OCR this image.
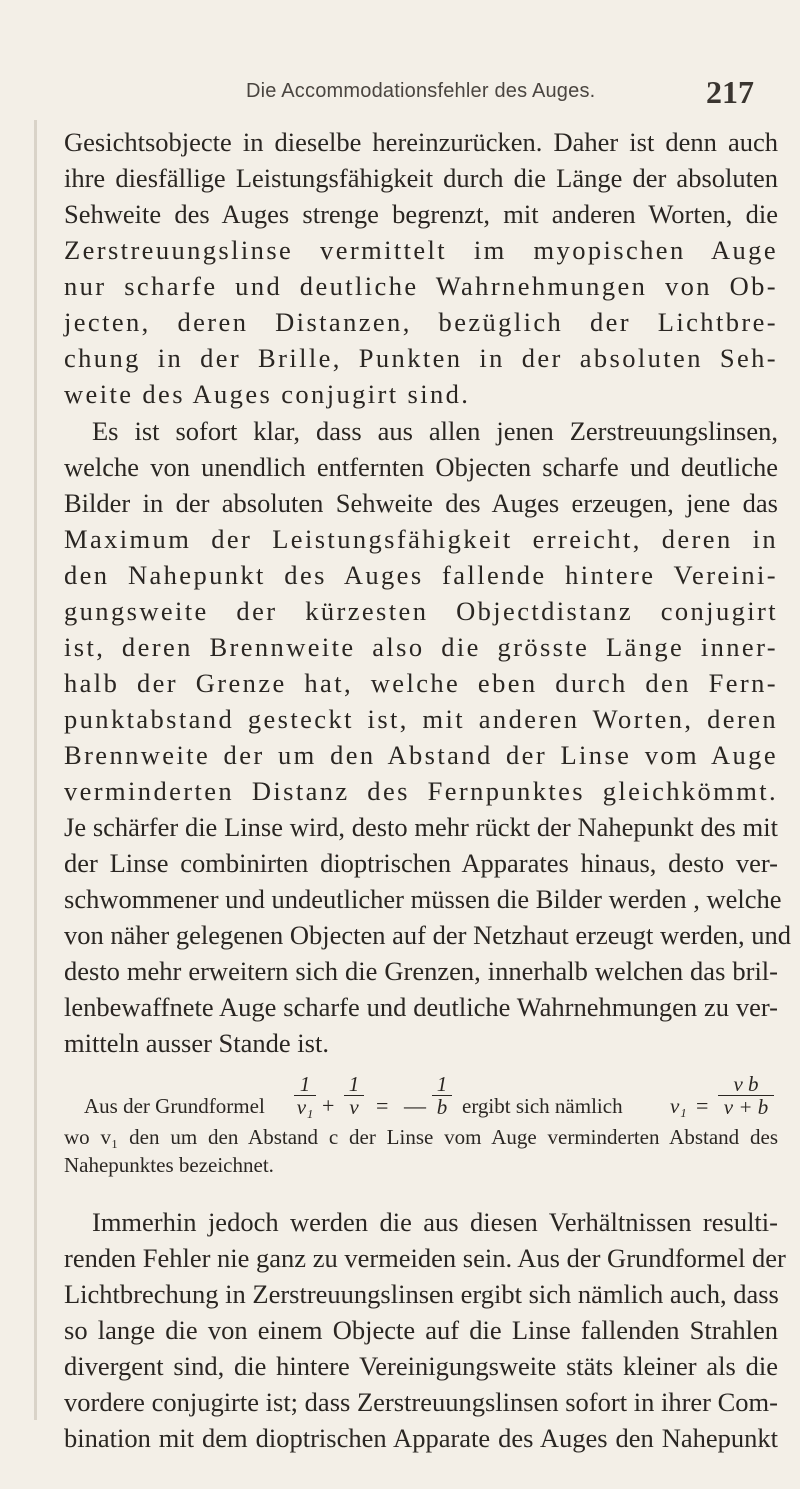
Die Accommodationsfehler des Auges.	217
Gesichtsobjecte in dieselbe hereinzurücken. Daher ist denn auch
ihre diesfällige Leistungsfähigkeit durch die Länge der absoluten
Sehweite des Auges strenge begrenzt, mit anderen Worten, die
Zerstreuungslinse vermittelt im myopischen Auge
nur scharfe und deutliche Wahrnehmungen von Ob-
jecten, deren Distanzen, bezüglich der Lichtbre-
chung in der Brille, Punkten in der absoluten Seh-
weite des Auges conjugirt sind.
Es ist sofort klar, dass aus allen jenen Zerstreuungslinsen,
welche von unendlich entfernten Objecten scharfe und deutliche
Bilder in der absoluten Sehweite des Auges erzeugen, jene das
Maximum der Leistungsfähigkeit erreicht, deren in
den Nahepunkt des Auges fallende hintere Vereini-
gungsweite der kürzesten Objectdistanz conjugirt
ist, deren Brennweite also die grösste Länge inner-
halb der Grenze hat, welche eben durch den Fern-
punktabstand gesteckt ist, mit anderen Worten, deren
Brennweite der um den Abstand der Linse vom Auge
verminderten Distanz des Fernpunktes gleichkömmt.
Je schärfer die Linse wird, desto mehr rückt der Nahepunkt des mit
der Linse combinirten dioptrischen Apparates hinaus, desto ver-
schwommener und undeutlicher müssen die Bilder werden , welche
von näher gelegenen Objecten auf der Netzhaut erzeugt werden, und
desto mehr erweitern sich die Grenzen, innerhalb welchen das bril-
lenbewaffnete Auge scharfe und deutliche Wahrnehmungen zu ver-
mitteln ausser Stande ist.
Aus der Grundformel
1
v₁ +
1
v = —
1
b ergibt sich nämlich v₁ =
v b
v + b
wo v₁ den um den Abstand c der Linse vom Auge verminderten Abstand des
Nahepunktes bezeichnet.
Immerhin jedoch werden die aus diesen Verhältnissen resulti-
renden Fehler nie ganz zu vermeiden sein. Aus der Grundformel der
Lichtbrechung in Zerstreuungslinsen ergibt sich nämlich auch, dass
so lange die von einem Objecte auf die Linse fallenden Strahlen
divergent sind, die hintere Vereinigungsweite stäts kleiner als die
vordere conjugirte ist; dass Zerstreuungslinsen sofort in ihrer Com-
bination mit dem dioptrischen Apparate des Auges den Nahepunkt
